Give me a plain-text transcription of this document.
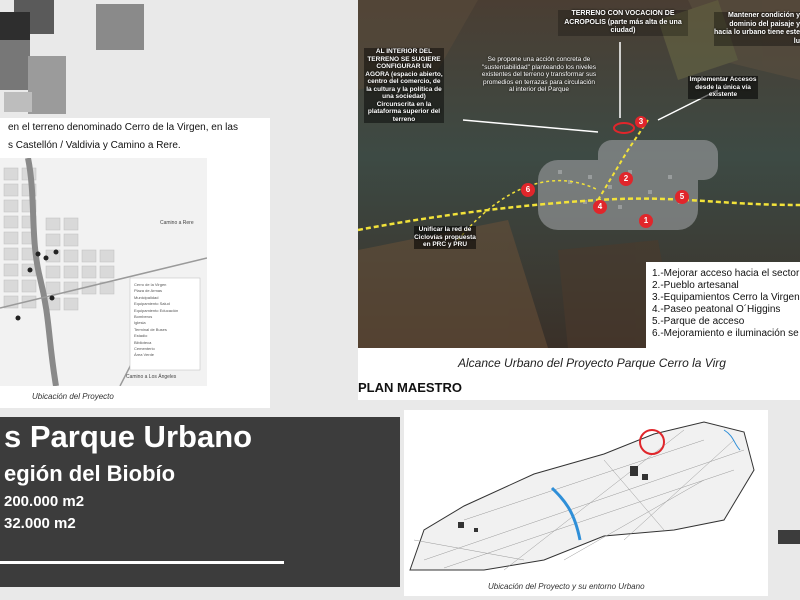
en el terreno denominado Cerro de la Virgen, en las
s Castellón / Valdivia y Camino a Rere.
Camino a Rere
Camino a Los Ángeles
Cerro de la Virgen
Plaza de Armas
Municipalidad
Equipamiento Salud
Equipamiento Educación
Bomberos
Iglesia
Terminal de Buses
Estadio
Biblioteca
Cementerio
Área Verde
Ubicación del Proyecto
s Parque Urbano
egión del Biobío
200.000 m2
32.000 m2
TERRENO CON VOCACION DE ACROPOLIS (parte más alta de una ciudad)
Mantener condición y dominio del paisaje y hacia lo urbano tiene este lu
AL INTERIOR DEL TERRENO SE SUGIERE CONFIGURAR UN AGORA (espacio abierto, centro del comercio, de la cultura y la política de una sociedad) Circunscrita en la plataforma superior del terreno
Se propone una acción concreta de "sustentabilidad" planteando los niveles existentes del terreno y transformar sus promedios en terrazas para circulación al interior del Parque
Implementar Accesos desde la única vía existente
Unificar la red de Ciclovías propuesta en PRC y PRU
1
2
3
4
5
6
1.-Mejorar acceso hacia el sector
2.-Pueblo artesanal
3.-Equipamientos Cerro la Virgen
4.-Paseo peatonal O´Higgins
5.-Parque de acceso
6.-Mejoramiento e iluminación se
Alcance Urbano del Proyecto Parque Cerro la Virg
PLAN MAESTRO
Ubicación del Proyecto y su entorno Urbano
